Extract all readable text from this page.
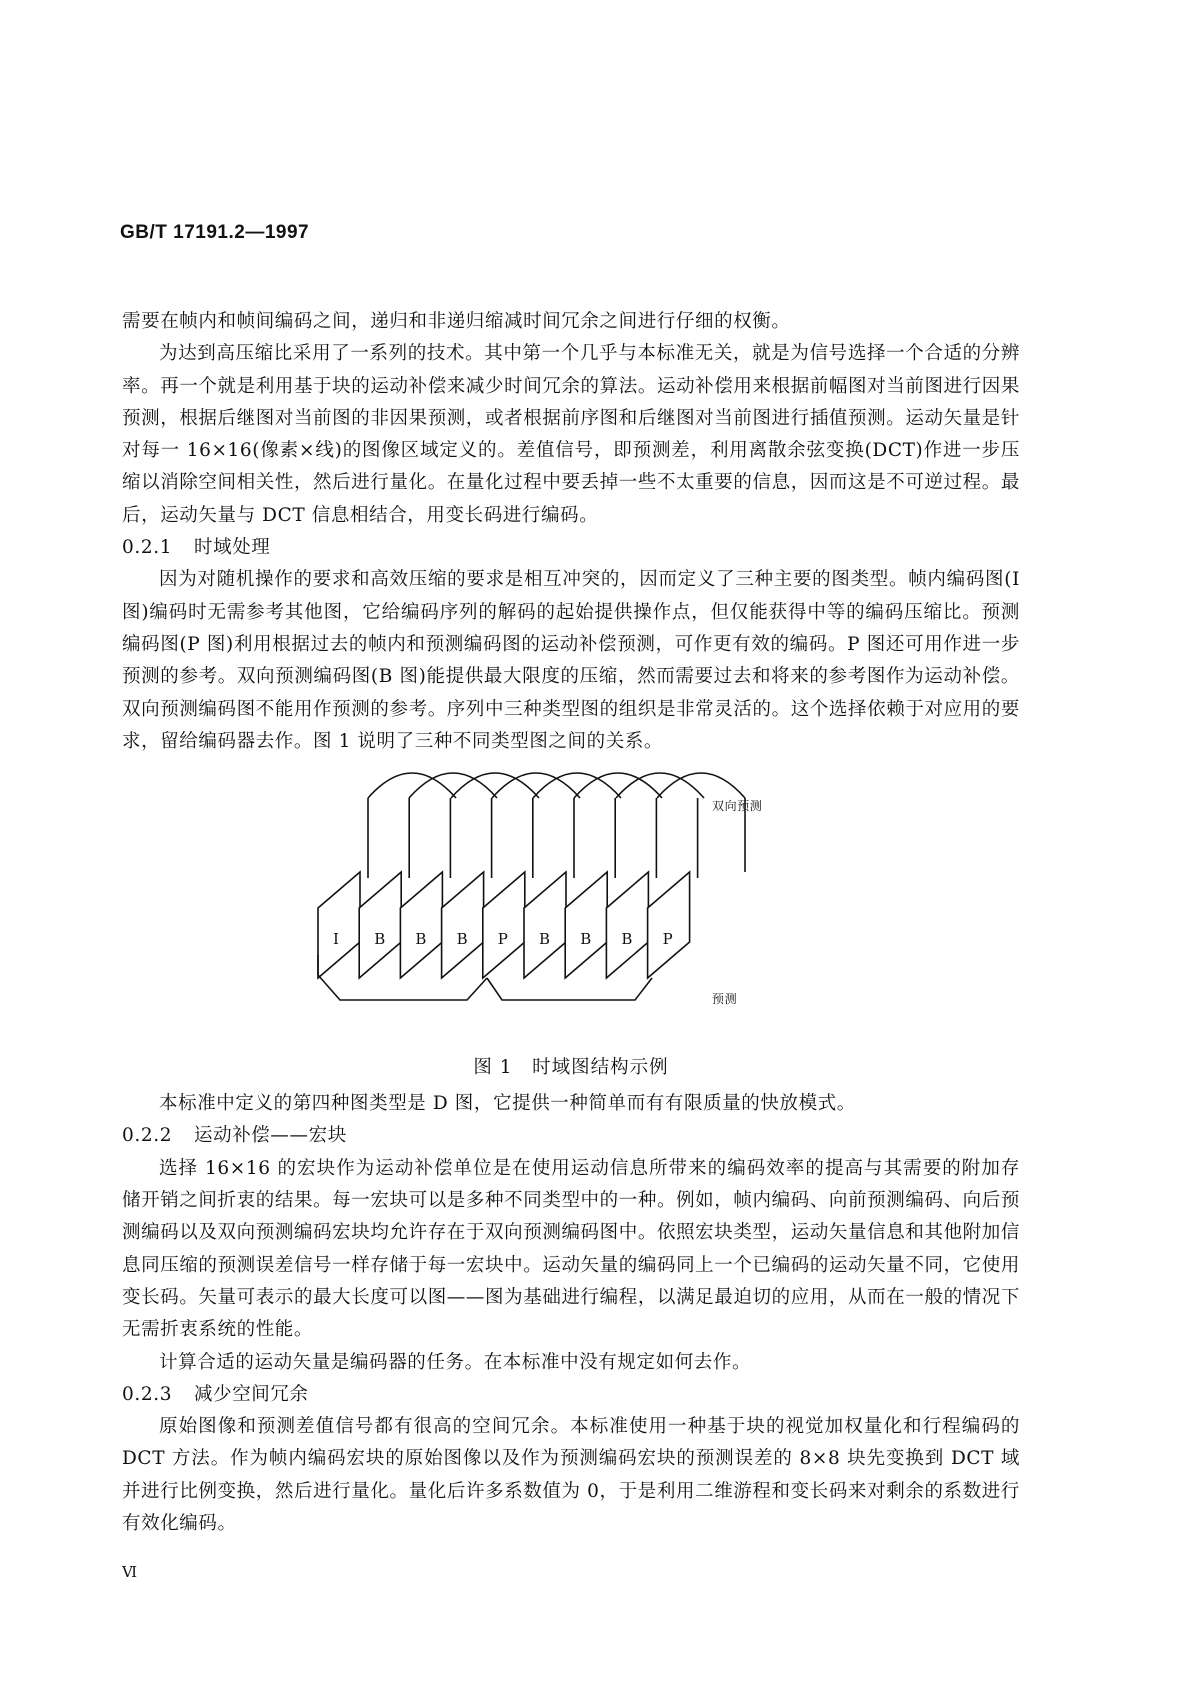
GB/T 17191.2—1997

需要在帧内和帧间编码之间，递归和非递归缩减时间冗余之间进行仔细的权衡。

为达到高压缩比采用了一系列的技术。其中第一个几乎与本标准无关，就是为信号选择一个合适的分辨率。再一个就是利用基于块的运动补偿来减少时间冗余的算法。运动补偿用来根据前幅图对当前图进行因果预测，根据后继图对当前图的非因果预测，或者根据前序图和后继图对当前图进行插值预测。运动矢量是针对每一 16×16(像素×线)的图像区域定义的。差值信号，即预测差，利用离散余弦变换(DCT)作进一步压缩以消除空间相关性，然后进行量化。在量化过程中要丢掉一些不太重要的信息，因而这是不可逆过程。最后，运动矢量与 DCT 信息相结合，用变长码进行编码。

0.2.1 时域处理

因为对随机操作的要求和高效压缩的要求是相互冲突的，因而定义了三种主要的图类型。帧内编码图(I 图)编码时无需参考其他图，它给编码序列的解码的起始提供操作点，但仅能获得中等的编码压缩比。预测编码图(P 图)利用根据过去的帧内和预测编码图的运动补偿预测，可作更有效的编码。P 图还可用作进一步预测的参考。双向预测编码图(B 图)能提供最大限度的压缩，然而需要过去和将来的参考图作为运动补偿。双向预测编码图不能用作预测的参考。序列中三种类型图的组织是非常灵活的。这个选择依赖于对应用的要求，留给编码器去作。图 1 说明了三种不同类型图之间的关系。

I B B B P B B B P
双向预测
预测
图 1　时域图结构示例

本标准中定义的第四种图类型是 D 图，它提供一种简单而有有限质量的快放模式。

0.2.2 运动补偿——宏块

选择 16×16 的宏块作为运动补偿单位是在使用运动信息所带来的编码效率的提高与其需要的附加存储开销之间折衷的结果。每一宏块可以是多种不同类型中的一种。例如，帧内编码、向前预测编码、向后预测编码以及双向预测编码宏块均允许存在于双向预测编码图中。依照宏块类型，运动矢量信息和其他附加信息同压缩的预测误差信号一样存储于每一宏块中。运动矢量的编码同上一个已编码的运动矢量不同，它使用变长码。矢量可表示的最大长度可以图——图为基础进行编程，以满足最迫切的应用，从而在一般的情况下无需折衷系统的性能。

计算合适的运动矢量是编码器的任务。在本标准中没有规定如何去作。

0.2.3 减少空间冗余

原始图像和预测差值信号都有很高的空间冗余。本标准使用一种基于块的视觉加权量化和行程编码的 DCT 方法。作为帧内编码宏块的原始图像以及作为预测编码宏块的预测误差的 8×8 块先变换到 DCT 域并进行比例变换，然后进行量化。量化后许多系数值为 0，于是利用二维游程和变长码来对剩余的系数进行有效化编码。

Ⅵ
